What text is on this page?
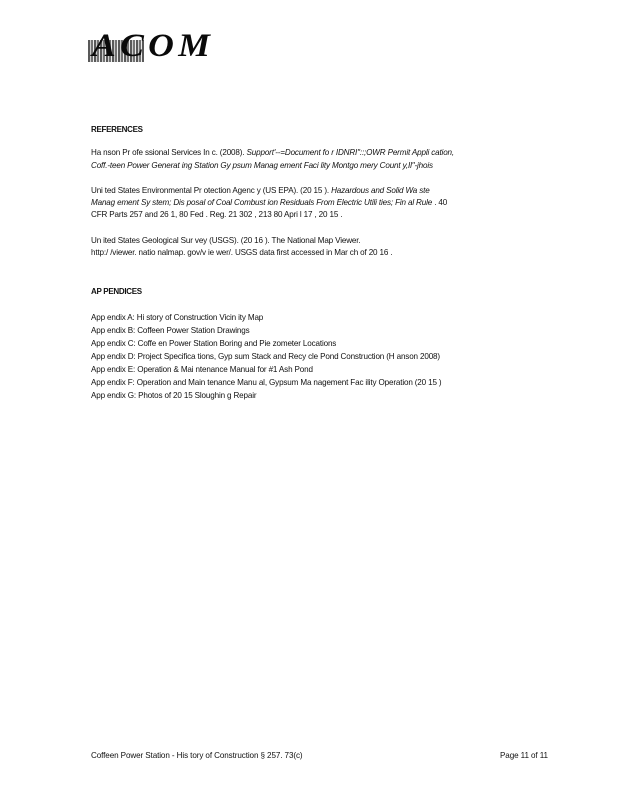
ACOM
REFERENCES
Ha nson Pr ofe ssional Services In c. (2008). Support'--=Document fo r IDNRI"::;OWR Permit Appli cation,
Coff.-teen Power Generat ing Station Gy psum Manag ement Faci lity Montgo mery Count y,Il"-jhois
Uni ted States Environmental Pr otection Agenc y (US EPA). (20 15 ). Hazardous and Solid Wa ste
Manag ement Sy stem; Dis posal of Coal Combust ion Residuals From Electric Utili ties; Fin al Rule . 40
CFR Parts 257 and 26 1, 80 Fed . Reg. 21 302 , 213 80 Apri l 17 , 20 15 .
Un ited States Geological Sur vey (USGS). (20 16 ). The National Map Viewer.
http:/ /viewer. natio nalmap. gov/v ie wer/. USGS data first accessed in Mar ch of 20 16 .
AP PENDICES
App endix A: Hi story of Construction Vicin ity Map
App endix B: Coffeen Power Station Drawings
App endix C: Coffe en Power Station Boring and Pie zometer Locations
App endix D: Project Specifica tions, Gyp sum Stack and Recy cle Pond Construction (H anson 2008)
App endix E: Operation & Mai ntenance Manual for #1 Ash Pond
App endix F: Operation and Main tenance Manu al, Gypsum Ma nagement Fac ility Operation (20 15 )
App endix G: Photos of 20 15 Sloughin g Repair
Coffeen Power Station - His tory of Construction § 257. 73(c)	Page 11 of 11
